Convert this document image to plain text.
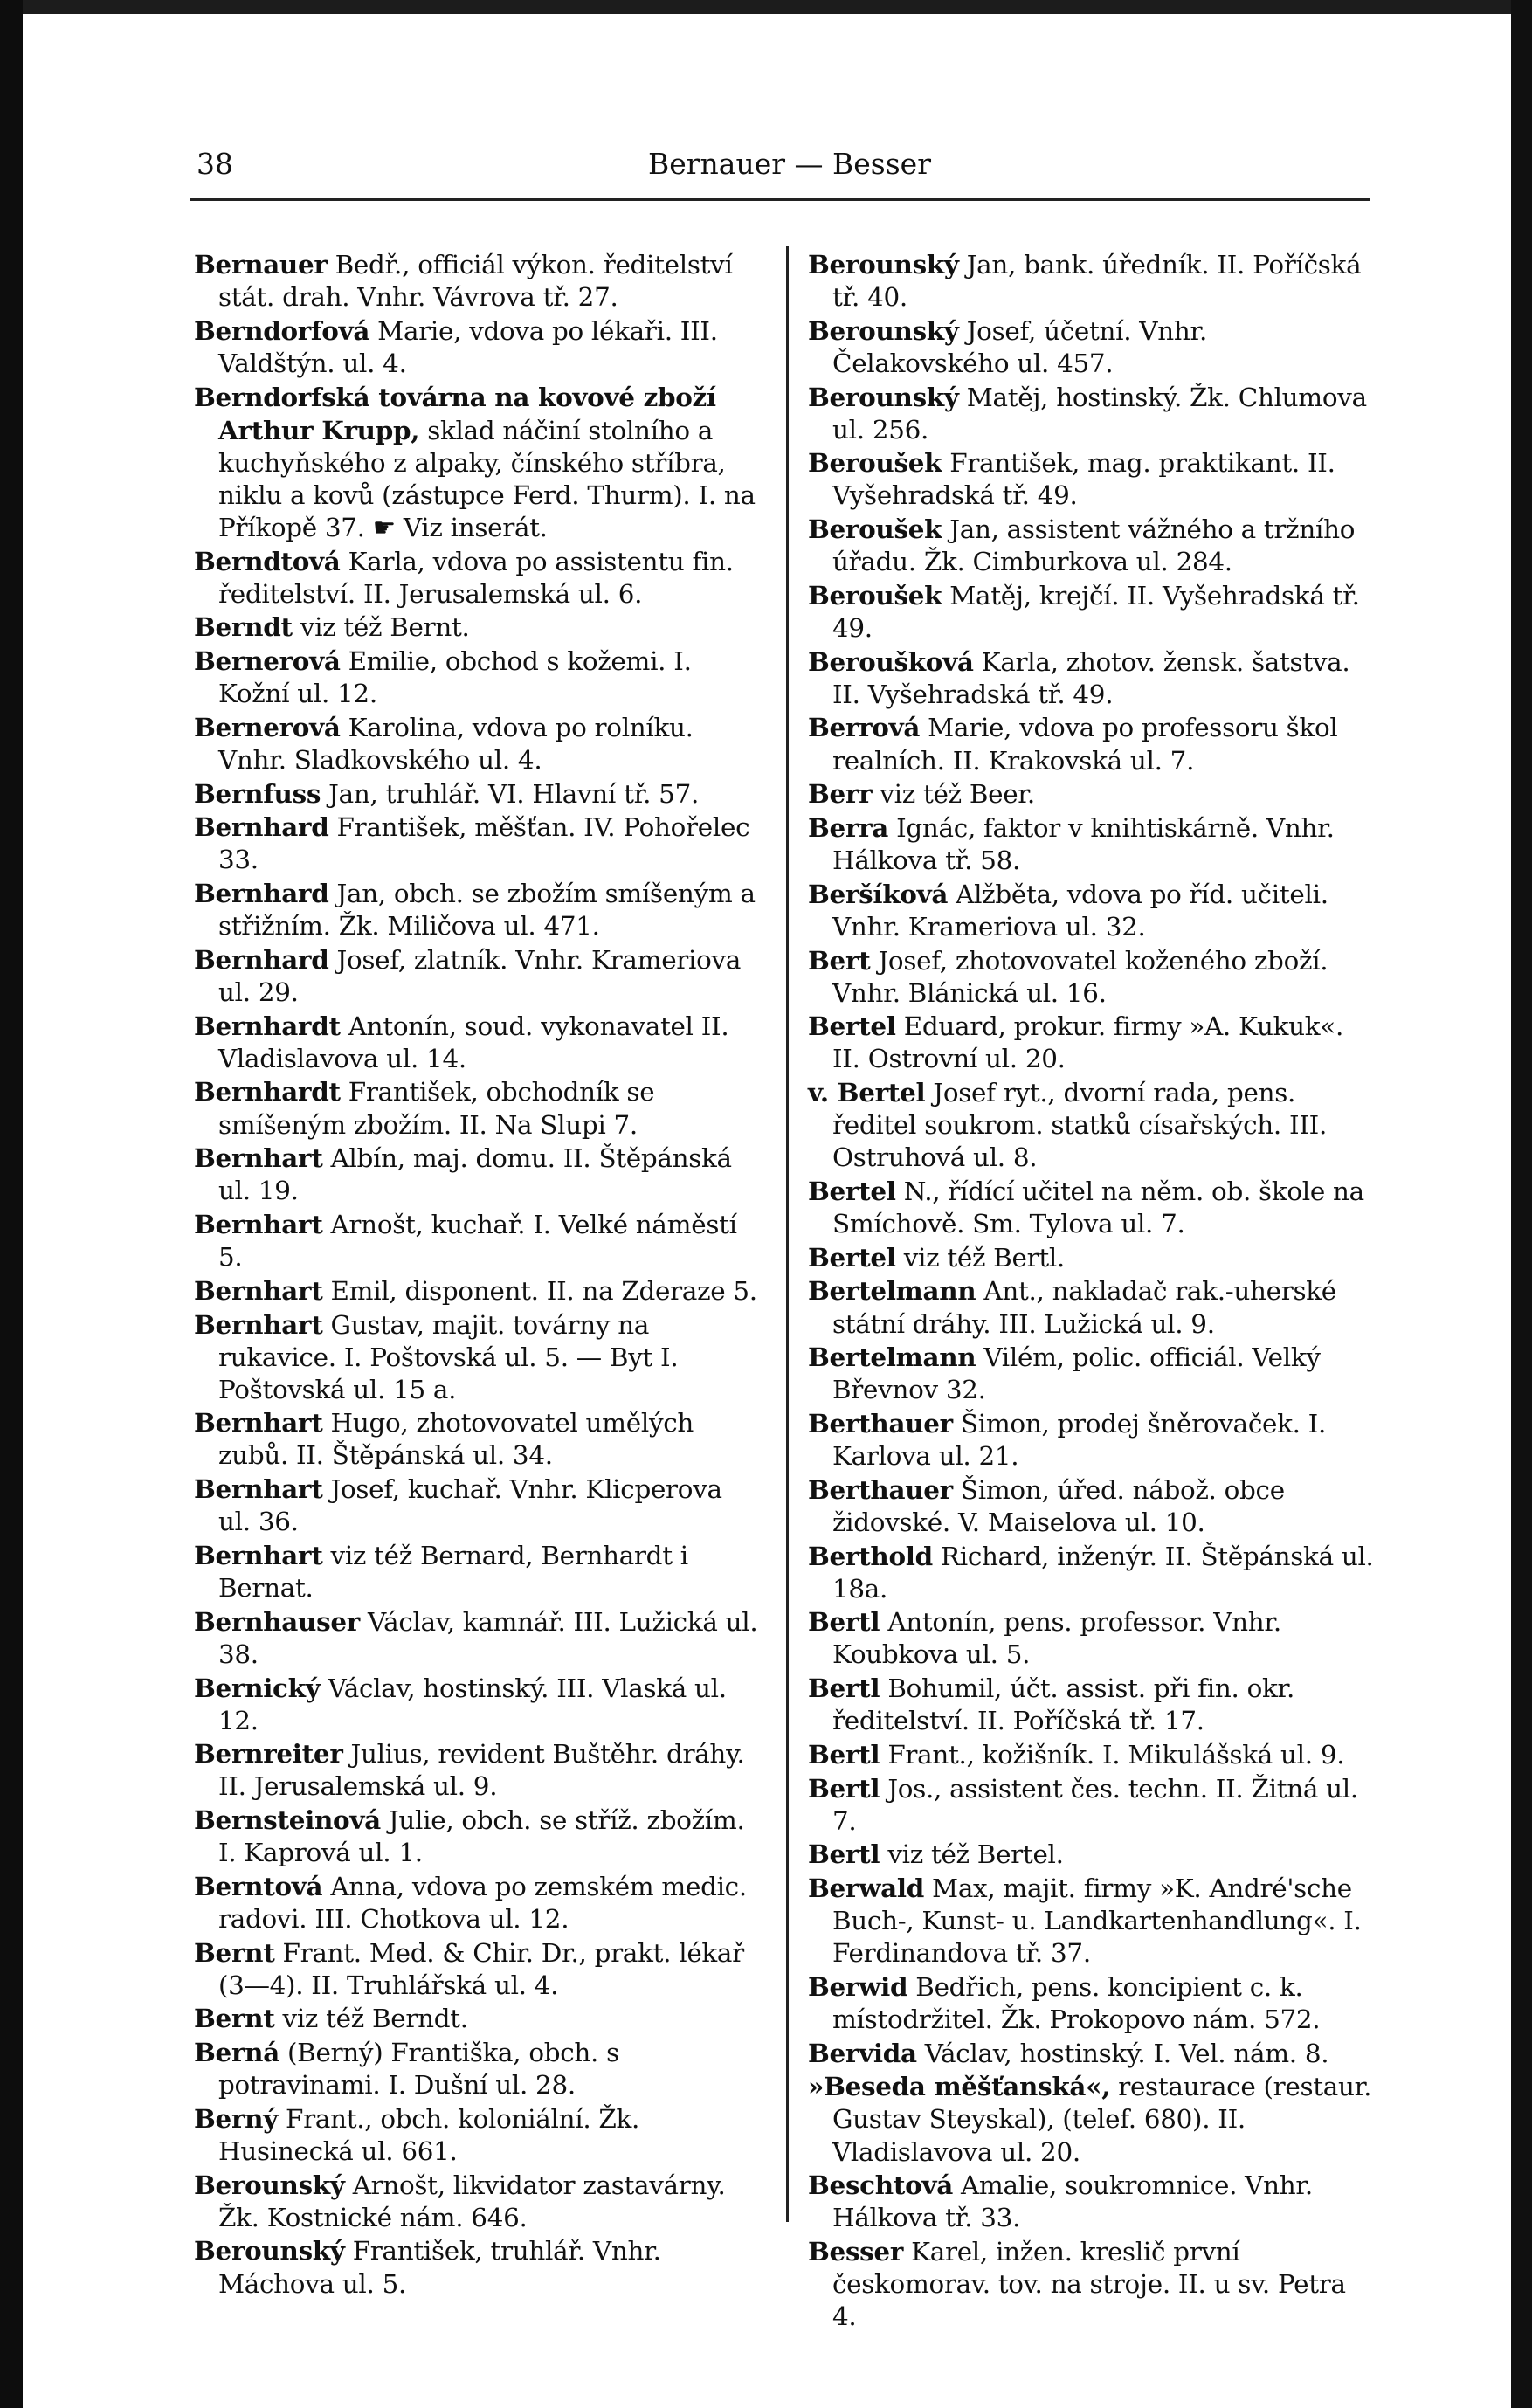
38	Bernauer — Besser
Bernauer Bedř., officiál výkon. ředitelství stát. drah. Vnhr. Vávrova tř. 27.
Berndorfová Marie, vdova po lékaři. III. Valdštýn. ul. 4.
Berndorfská továrna na kovové zboží Arthur Krupp, sklad náčiní stolního a kuchyňského z alpaky, čínského stříbra, niklu a kovů (zástupce Ferd. Thurm). I. na Příkopě 37. ☛ Viz inserát.
Berndtová Karla, vdova po assistentu fin. ředitelství. II. Jerusalemská ul. 6.
Berndt viz též Bernt.
Bernerová Emilie, obchod s kožemi. I. Kožní ul. 12.
Bernerová Karolina, vdova po rolníku. Vnhr. Sladkovského ul. 4.
Bernfuss Jan, truhlář. VI. Hlavní tř. 57.
Bernhard František, měšťan. IV. Pohořelec 33.
Bernhard Jan, obch. se zbožím smíšeným a střižním. Žk. Miličova ul. 471.
Bernhard Josef, zlatník. Vnhr. Krameriova ul. 29.
Bernhardt Antonín, soud. vykonavatel II. Vladislavova ul. 14.
Bernhardt František, obchodník se smíšeným zbožím. II. Na Slupi 7.
Bernhart Albín, maj. domu. II. Štěpánská ul. 19.
Bernhart Arnošt, kuchař. I. Velké náměstí 5.
Bernhart Emil, disponent. II. na Zderaze 5.
Bernhart Gustav, majit. továrny na rukavice. I. Poštovská ul. 5. — Byt I. Poštovská ul. 15 a.
Bernhart Hugo, zhotovovatel umělých zubů. II. Štěpánská ul. 34.
Bernhart Josef, kuchař. Vnhr. Klicperova ul. 36.
Bernhart viz též Bernard, Bernhardt i Bernat.
Bernhauser Václav, kamnář. III. Lužická ul. 38.
Bernický Václav, hostinský. III. Vlaská ul. 12.
Bernreiter Julius, revident Buštěhr. dráhy. II. Jerusalemská ul. 9.
Bernsteinová Julie, obch. se stříž. zbožím. I. Kaprová ul. 1.
Berntová Anna, vdova po zemském medic. radovi. III. Chotkova ul. 12.
Bernt Frant. Med. & Chir. Dr., prakt. lékař (3—4). II. Truhlářská ul. 4.
Bernt viz též Berndt.
Berná (Berný) Františka, obch. s potravinami. I. Dušní ul. 28.
Berný Frant., obch. koloniální. Žk. Husinecká ul. 661.
Berounský Arnošt, likvidator zastavárny. Žk. Kostnické nám. 646.
Berounský František, truhlář. Vnhr. Máchova ul. 5.
Berounský Jan, bank. úředník. II. Poříčská tř. 40.
Berounský Josef, účetní. Vnhr. Čelakovského ul. 457.
Berounský Matěj, hostinský. Žk. Chlumova ul. 256.
Beroušek František, mag. praktikant. II. Vyšehradská tř. 49.
Beroušek Jan, assistent vážného a tržního úřadu. Žk. Cimburkova ul. 284.
Beroušek Matěj, krejčí. II. Vyšehradská tř. 49.
Beroušková Karla, zhotov. žensk. šatstva. II. Vyšehradská tř. 49.
Berrová Marie, vdova po professoru škol realních. II. Krakovská ul. 7.
Berr viz též Beer.
Berra Ignác, faktor v knihtiskárně. Vnhr. Hálkova tř. 58.
Beršíková Alžběta, vdova po říd. učiteli. Vnhr. Krameriova ul. 32.
Bert Josef, zhotovovatel koženého zboží. Vnhr. Blánická ul. 16.
Bertel Eduard, prokur. firmy »A. Kukuk«. II. Ostrovní ul. 20.
v. Bertel Josef ryt., dvorní rada, pens. ředitel soukrom. statků císařských. III. Ostruhová ul. 8.
Bertel N., řídící učitel na něm. ob. škole na Smíchově. Sm. Tylova ul. 7.
Bertel viz též Bertl.
Bertelmann Ant., nakladač rak.-uherské státní dráhy. III. Lužická ul. 9.
Bertelmann Vilém, polic. officiál. Velký Břevnov 32.
Berthauer Šimon, prodej šněrovaček. I. Karlova ul. 21.
Berthauer Šimon, úřed. nábož. obce židovské. V. Maiselova ul. 10.
Berthold Richard, inženýr. II. Štěpánská ul. 18a.
Bertl Antonín, pens. professor. Vnhr. Koubkova ul. 5.
Bertl Bohumil, účt. assist. při fin. okr. ředitelství. II. Poříčská tř. 17.
Bertl Frant., kožišník. I. Mikulášská ul. 9.
Bertl Jos., assistent čes. techn. II. Žitná ul. 7.
Bertl viz též Bertel.
Berwald Max, majit. firmy »K. André'sche Buch-, Kunst- u. Landkartenhandlung«. I. Ferdinandova tř. 37.
Berwid Bedřich, pens. koncipient c. k. místodržitel. Žk. Prokopovo nám. 572.
Bervida Václav, hostinský. I. Vel. nám. 8.
»Beseda měšťanská«, restaurace (restaur. Gustav Steyskal), (telef. 680). II. Vladislavova ul. 20.
Beschtová Amalie, soukromnice. Vnhr. Hálkova tř. 33.
Besser Karel, inžen. kreslič první českomorav. tov. na stroje. II. u sv. Petra 4.
